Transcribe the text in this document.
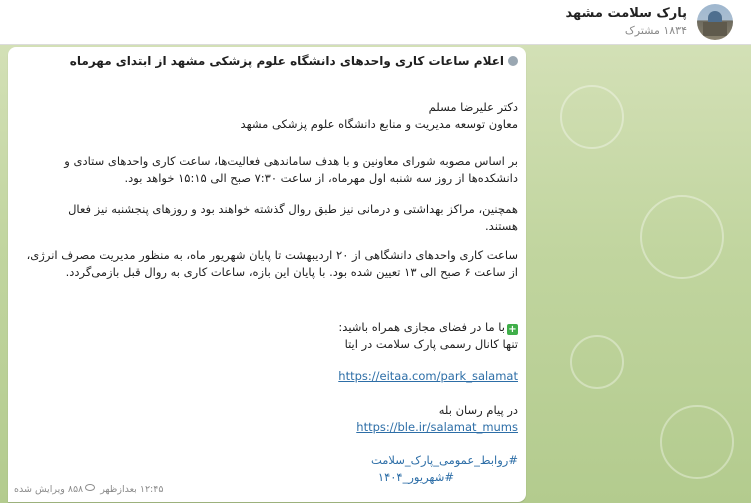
پارک سلامت مشهد
۱۸۳۴ مشترک
اعلام ساعات کاری واحدهای دانشگاه علوم پزشکی مشهد از ابتدای مهرماه
دکتر علیرضا مسلم
معاون توسعه مدیریت و منابع دانشگاه علوم پزشکی مشهد
بر اساس مصوبه شورای معاونین و با هدف ساماندهی فعالیت‌ها، ساعت کاری واحدهای ستادی و
دانشکده‌ها از روز سه شنبه اول مهرماه، از ساعت ۷:۳۰ صبح الی ۱۵:۱۵ خواهد بود.
همچنین، مراکز بهداشتی و درمانی نیز طبق روال گذشته خواهند بود و روزهای پنجشنبه نیز فعال
هستند.
ساعت کاری واحدهای دانشگاهی از ۲۰ اردیبهشت تا پایان شهریور ماه، به منظور مدیریت مصرف انرژی،
از ساعت ۶ صبح الی ۱۳ تعیین شده بود. با پایان این بازه، ساعات کاری به روال قبل بازمی‌گردد.
+با ما در فضای مجازی همراه باشید:
تنها کانال رسمی پارک سلامت در ایتا
https://eitaa.com/park_salamat
در پیام رسان بله
https://ble.ir/salamat_mums
#روابط_عمومی_پارک_سلامت
#شهریور_۱۴۰۴
۱۲:۴۵ بعدازظهر ۸۵۸ ویرایش شده
